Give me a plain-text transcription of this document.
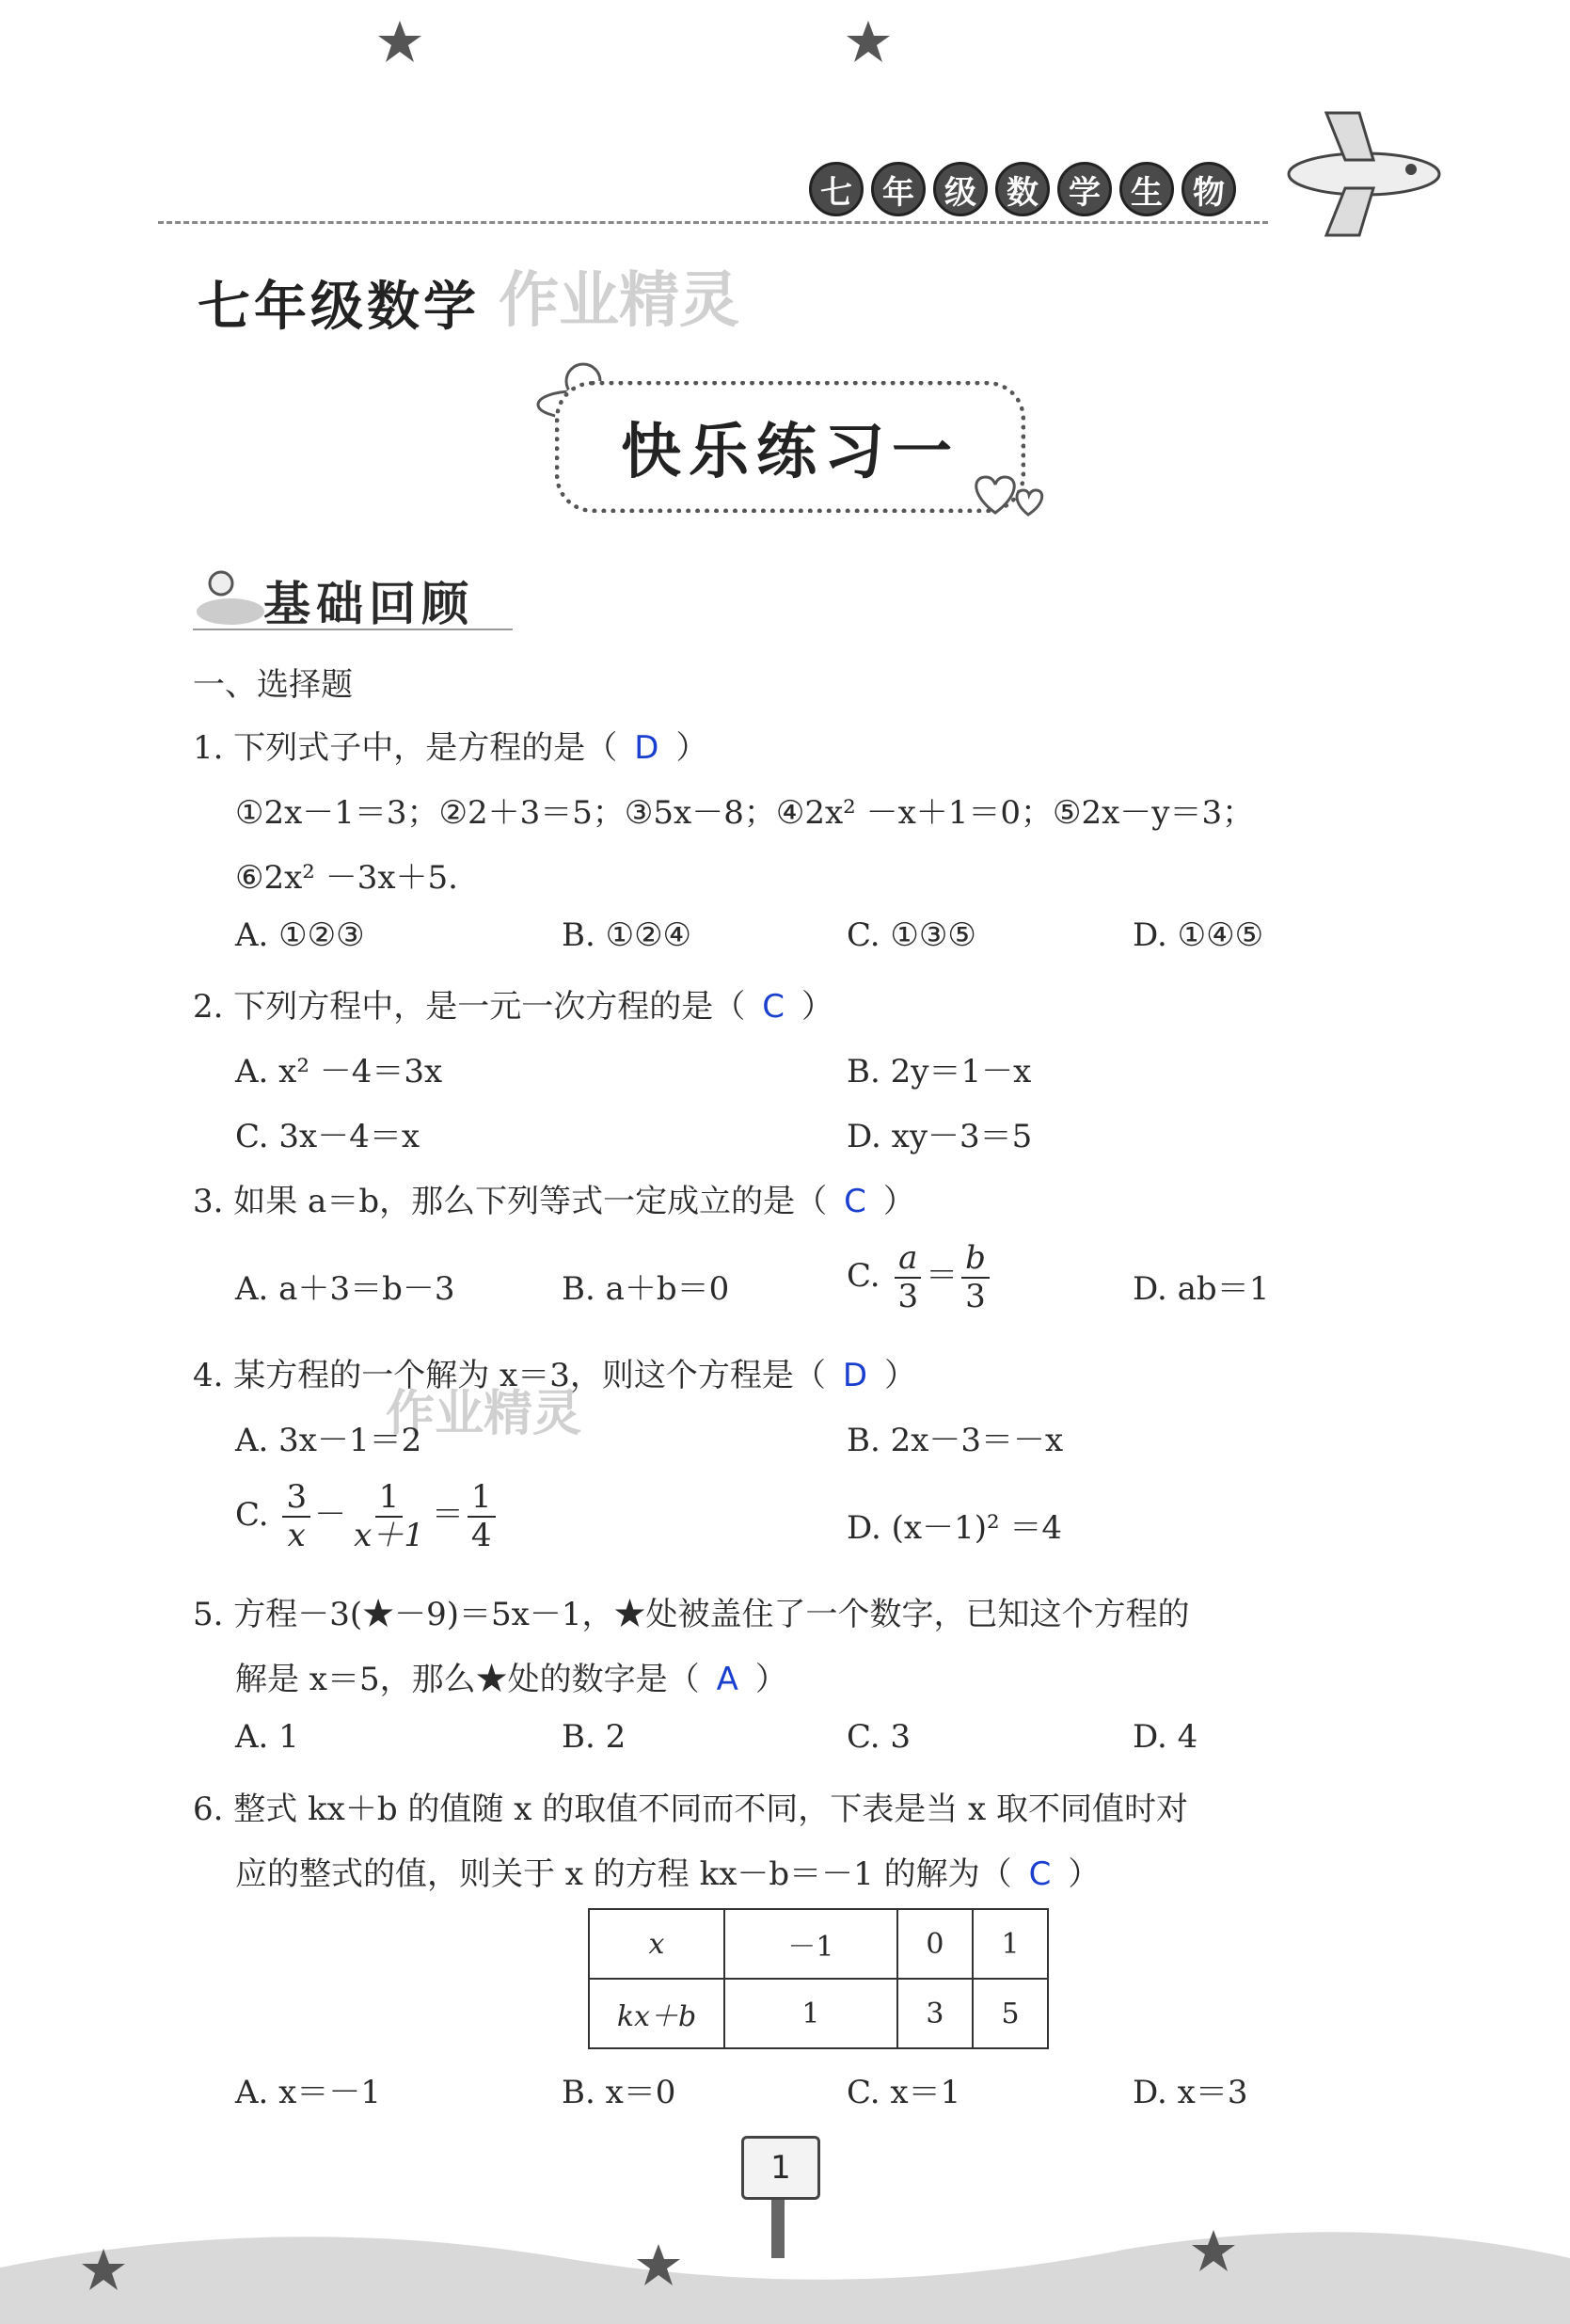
七 年 级 数 学 生 物
七年级数学 作业精灵
快乐练习一
基础回顾
一、选择题
1. 下列式子中，是方程的是（ D ）
①2x－1＝3；②2＋3＝5；③5x－8；④2x² －x＋1＝0；⑤2x－y＝3；
⑥2x² －3x＋5.
A. ①②③	B. ①②④	C. ①③⑤	D. ①④⑤
2. 下列方程中，是一元一次方程的是（ C ）
A. x² －4＝3x	B. 2y＝1－x
C. 3x－4＝x	D. xy－3＝5
3. 如果 a＝b，那么下列等式一定成立的是（ C ）
A. a＋3＝b－3	B. a＋b＝0	C. $\frac{a}{3} = \frac{b}{3}$	D. ab＝1
4. 某方程的一个解为 x＝3，则这个方程是（ D ）
作业精灵
A. 3x－1＝2	B. 2x－3＝－x
C. $\frac{3}{x} - \frac{1}{x+1} = \frac{1}{4}$	D. (x－1)² ＝4
5. 方程－3(★－9)＝5x－1，★处被盖住了一个数字，已知这个方程的
解是 x＝5，那么★处的数字是（ A ）
A. 1	B. 2	C. 3	D. 4
6. 整式 kx＋b 的值随 x 的取值不同而不同，下表是当 x 取不同值时对
应的整式的值，则关于 x 的方程 kx－b＝－1 的解为（ C ）
x	－1	0	1
kx＋b	1	3	5
A. x＝－1	B. x＝0	C. x＝1	D. x＝3
1
